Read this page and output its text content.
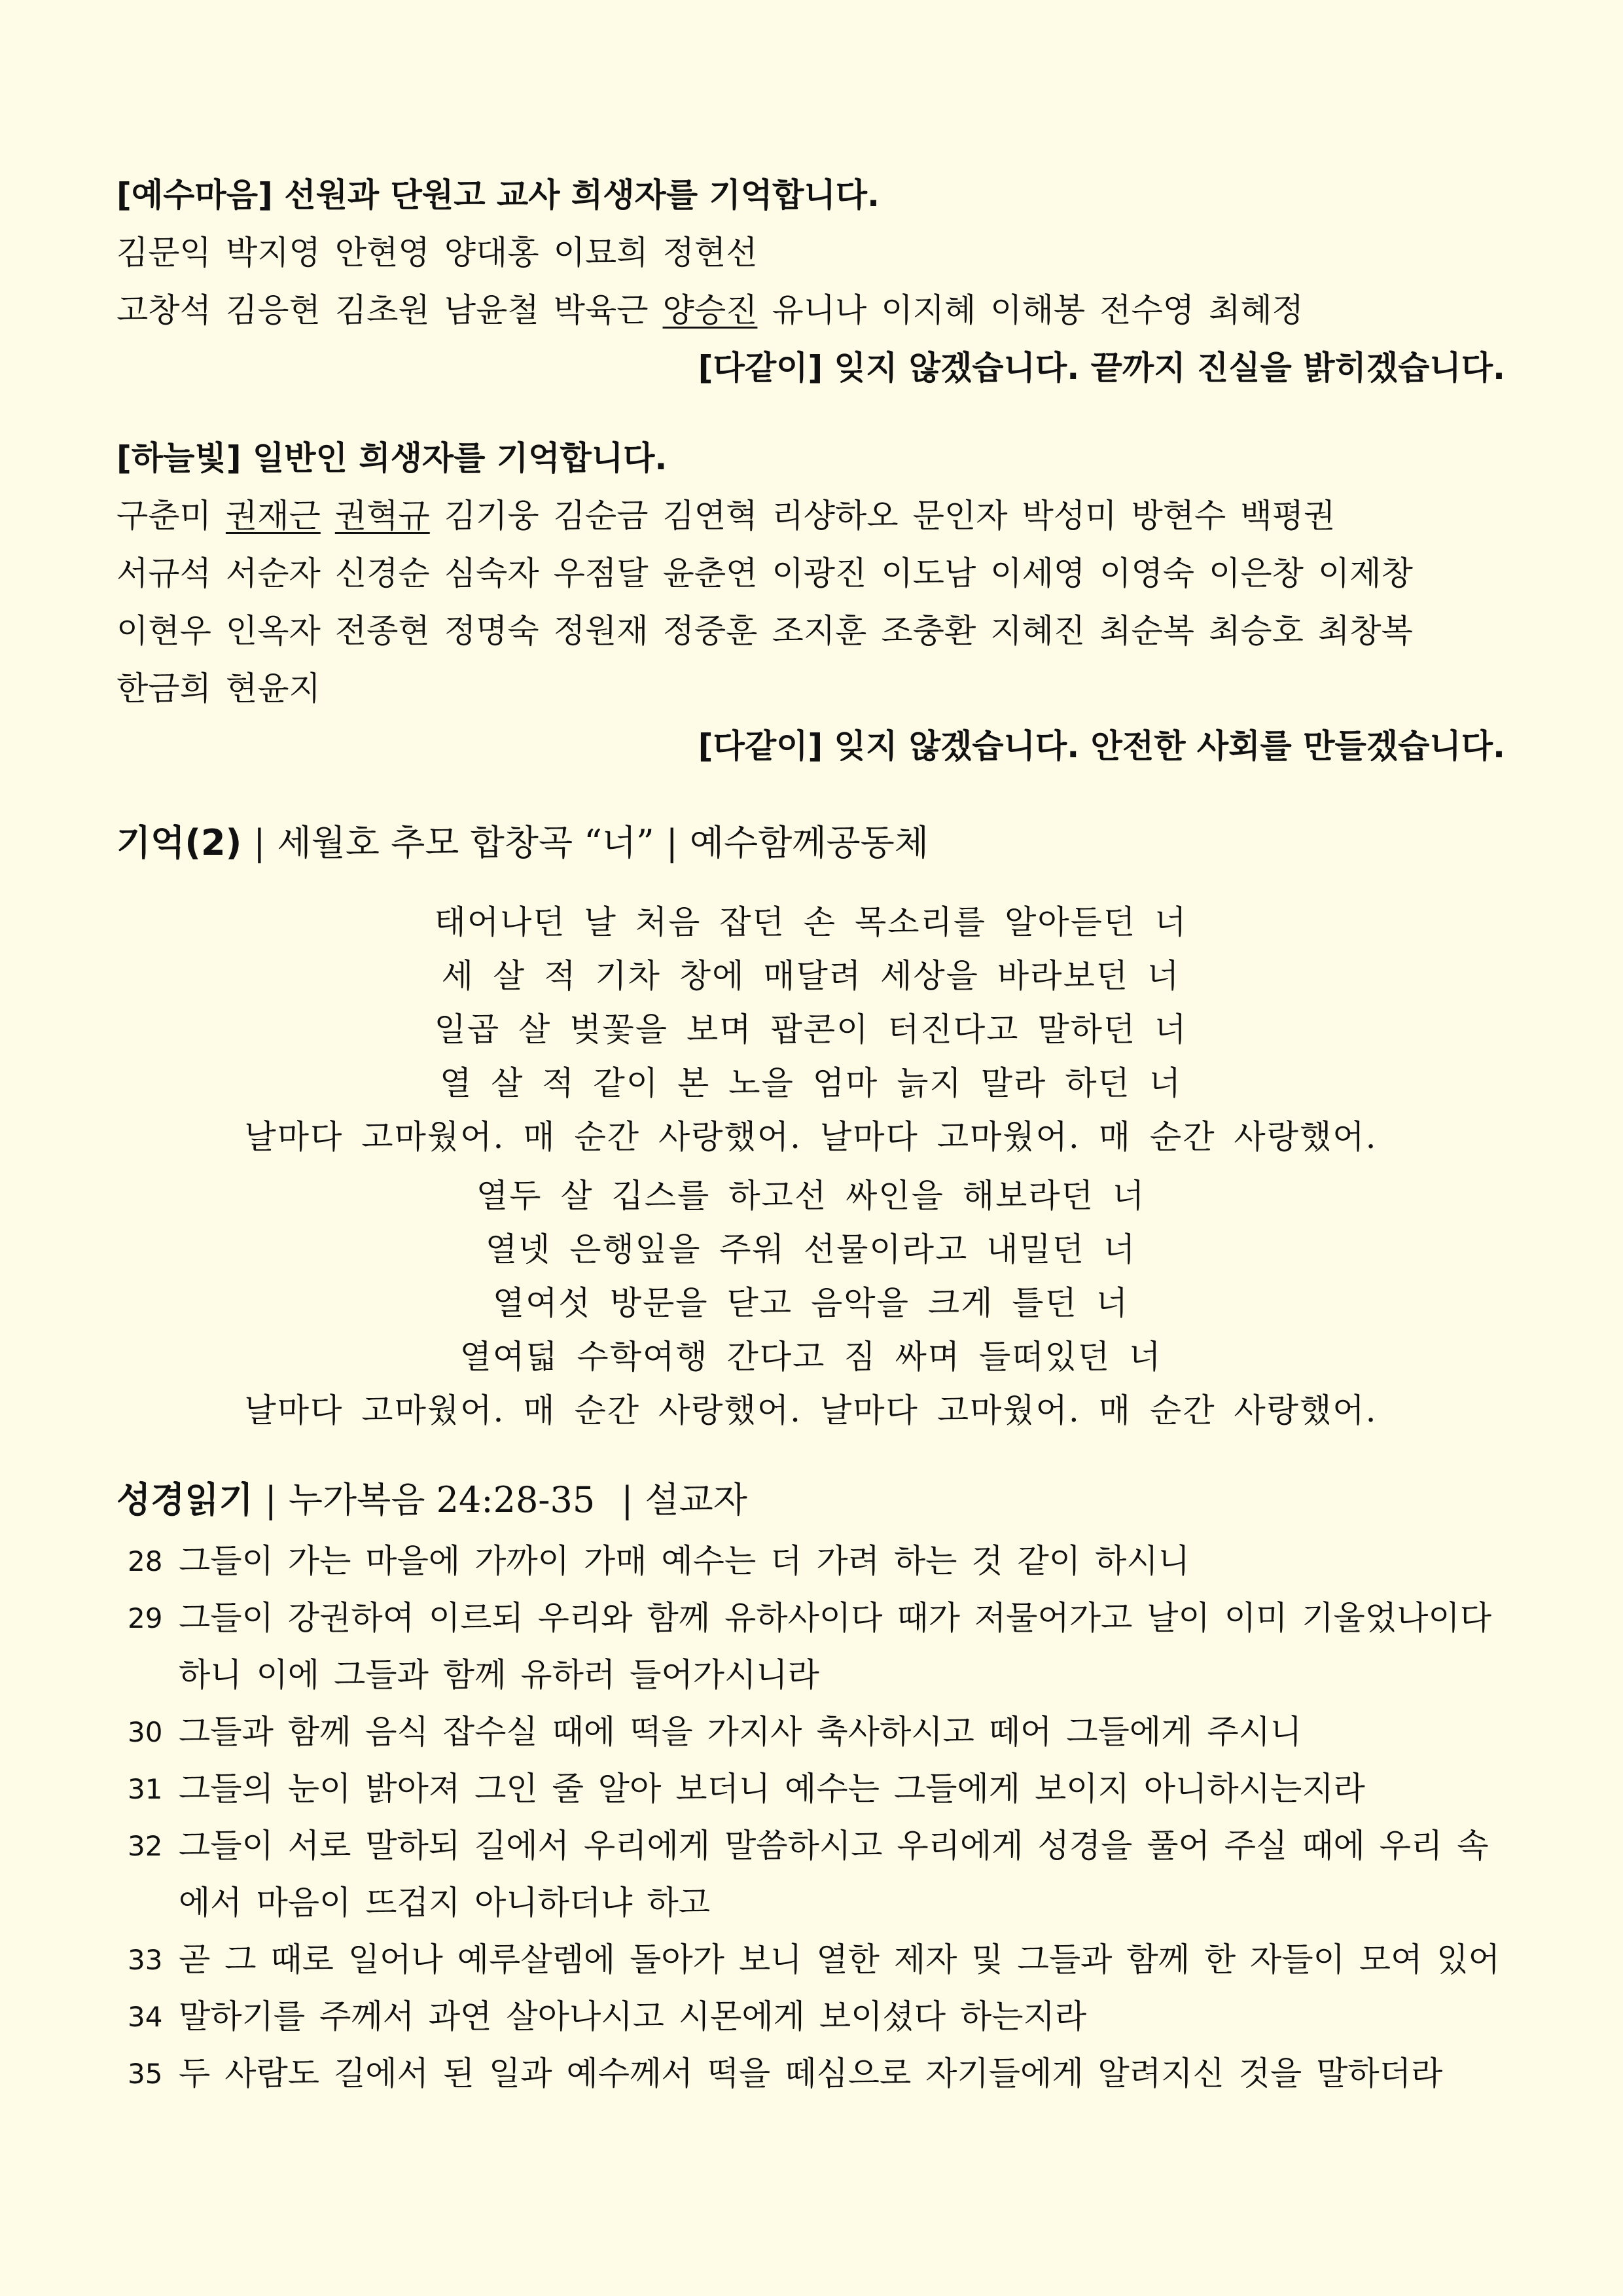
[예수마음] 선원과 단원고 교사 희생자를 기억합니다.
김문익 박지영 안현영 양대홍 이묘희 정현선
고창석 김응현 김초원 남윤철 박육근 양승진 유니나 이지혜 이해봉 전수영 최혜정
[다같이] 잊지 않겠습니다. 끝까지 진실을 밝히겠습니다.
[하늘빛] 일반인 희생자를 기억합니다.
구춘미 권재근 권혁규 김기웅 김순금 김연혁 리샹하오 문인자 박성미 방현수 백평권
서규석 서순자 신경순 심숙자 우점달 윤춘연 이광진 이도남 이세영 이영숙 이은창 이제창
이현우 인옥자 전종현 정명숙 정원재 정중훈 조지훈 조충환 지혜진 최순복 최승호 최창복
한금희 현윤지
[다같이] 잊지 않겠습니다. 안전한 사회를 만들겠습니다.
기억(2) | 세월호 추모 합창곡 “너” | 예수함께공동체
태어나던 날 처음 잡던 손 목소리를 알아듣던 너
세 살 적 기차 창에 매달려 세상을 바라보던 너
일곱 살 벚꽃을 보며 팝콘이 터진다고 말하던 너
열 살 적 같이 본 노을 엄마 늙지 말라 하던 너
날마다 고마웠어. 매 순간 사랑했어. 날마다 고마웠어. 매 순간 사랑했어.
열두 살 깁스를 하고선 싸인을 해보라던 너
열넷 은행잎을 주워 선물이라고 내밀던 너
열여섯 방문을 닫고 음악을 크게 틀던 너
열여덟 수학여행 간다고 짐 싸며 들떠있던 너
날마다 고마웠어. 매 순간 사랑했어. 날마다 고마웠어. 매 순간 사랑했어.
성경읽기 | 누가복음 24:28-35 | 설교자
28 그들이 가는 마을에 가까이 가매 예수는 더 가려 하는 것 같이 하시니
29 그들이 강권하여 이르되 우리와 함께 유하사이다 때가 저물어가고 날이 이미 기울었나이다 하니 이에 그들과 함께 유하러 들어가시니라
30 그들과 함께 음식 잡수실 때에 떡을 가지사 축사하시고 떼어 그들에게 주시니
31 그들의 눈이 밝아져 그인 줄 알아 보더니 예수는 그들에게 보이지 아니하시는지라
32 그들이 서로 말하되 길에서 우리에게 말씀하시고 우리에게 성경을 풀어 주실 때에 우리 속에서 마음이 뜨겁지 아니하더냐 하고
33 곧 그 때로 일어나 예루살렘에 돌아가 보니 열한 제자 및 그들과 함께 한 자들이 모여 있어
34 말하기를 주께서 과연 살아나시고 시몬에게 보이셨다 하는지라
35 두 사람도 길에서 된 일과 예수께서 떡을 떼심으로 자기들에게 알려지신 것을 말하더라
